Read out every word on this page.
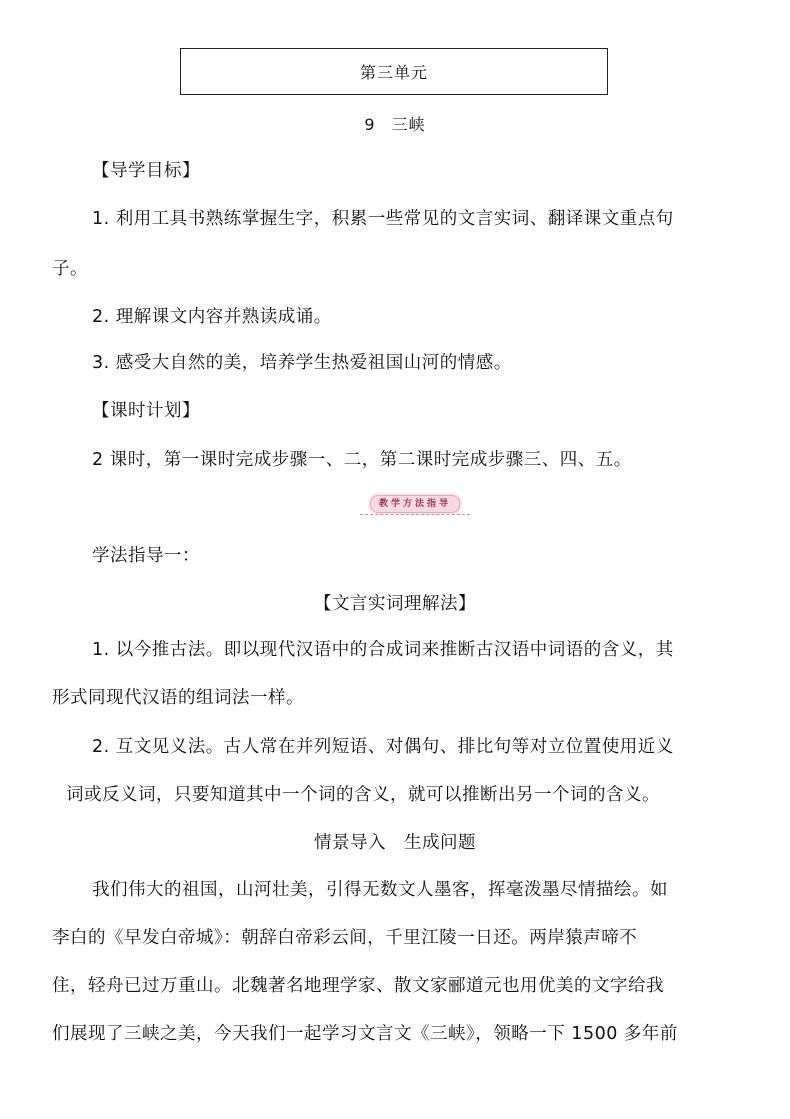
第三单元
9 三峡
【导学目标】
1. 利用工具书熟练掌握生字，积累一些常见的文言实词、翻译课文重点句
子。
2. 理解课文内容并熟读成诵。
3. 感受大自然的美，培养学生热爱祖国山河的情感。
【课时计划】
2 课时，第一课时完成步骤一、二，第二课时完成步骤三、四、五。
教学方法指导
学法指导一：
【文言实词理解法】
1. 以今推古法。即以现代汉语中的合成词来推断古汉语中词语的含义，其
形式同现代汉语的组词法一样。
2. 互文见义法。古人常在并列短语、对偶句、排比句等对立位置使用近义
词或反义词，只要知道其中一个词的含义，就可以推断出另一个词的含义。
情景导入　生成问题
我们伟大的祖国，山河壮美，引得无数文人墨客，挥毫泼墨尽情描绘。如
李白的《早发白帝城》：朝辞白帝彩云间，千里江陵一日还。两岸猿声啼不
住，轻舟已过万重山。北魏著名地理学家、散文家郦道元也用优美的文字给我
们展现了三峡之美，今天我们一起学习文言文《三峡》，领略一下 1500 多年前
